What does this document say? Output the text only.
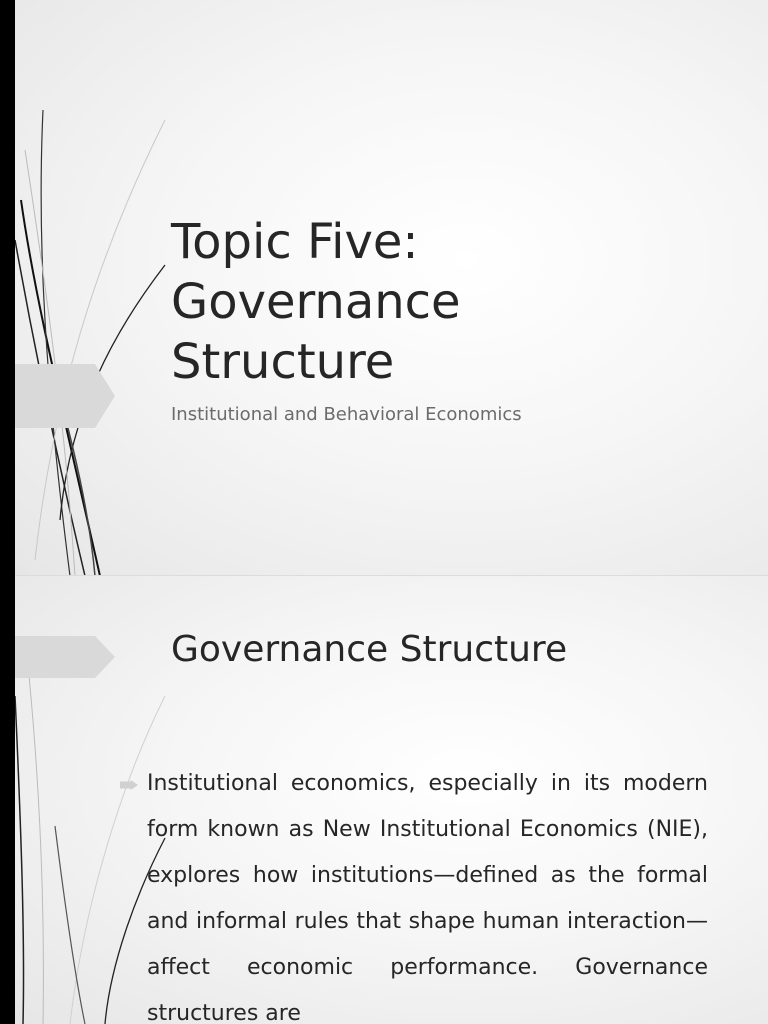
Topic Five:
Governance
Structure

Institutional and Behavioral Economics

Governance Structure

Institutional economics, especially in its modern form known as New Institutional Economics (NIE), explores how institutions—defined as the formal and informal rules that shape human interaction—affect economic performance. Governance structures are
